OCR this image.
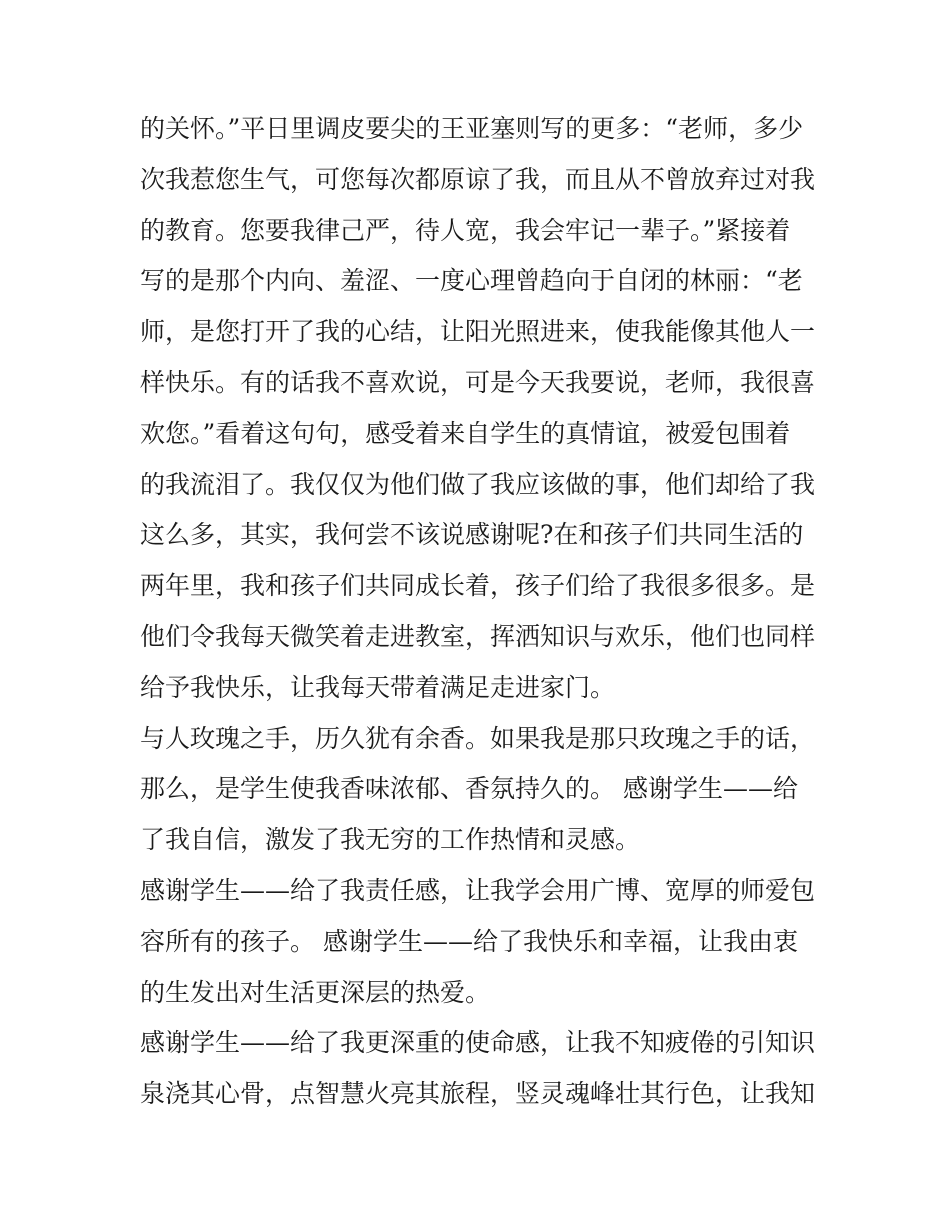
的关怀。”平日里调皮要尖的王亚塞则写的更多：“老师，多少
次我惹您生气，可您每次都原谅了我，而且从不曾放弃过对我
的教育。您要我律己严，待人宽，我会牢记一辈子。”紧接着
写的是那个内向、羞涩、一度心理曾趋向于自闭的林丽：“老
师，是您打开了我的心结，让阳光照进来，使我能像其他人一
样快乐。有的话我不喜欢说，可是今天我要说，老师，我很喜
欢您。”看着这句句，感受着来自学生的真情谊，被爱包围着
的我流泪了。我仅仅为他们做了我应该做的事，他们却给了我
这么多，其实，我何尝不该说感谢呢?在和孩子们共同生活的
两年里，我和孩子们共同成长着，孩子们给了我很多很多。是
他们令我每天微笑着走进教室，挥洒知识与欢乐，他们也同样
给予我快乐，让我每天带着满足走进家门。
与人玫瑰之手，历久犹有余香。如果我是那只玫瑰之手的话，
那么，是学生使我香味浓郁、香氛持久的。 感谢学生——给
了我自信，激发了我无穷的工作热情和灵感。
感谢学生——给了我责任感，让我学会用广博、宽厚的师爱包
容所有的孩子。 感谢学生——给了我快乐和幸福，让我由衷
的生发出对生活更深层的热爱。
感谢学生——给了我更深重的使命感，让我不知疲倦的引知识
泉浇其心骨，点智慧火亮其旅程，竖灵魂峰壮其行色，让我知
